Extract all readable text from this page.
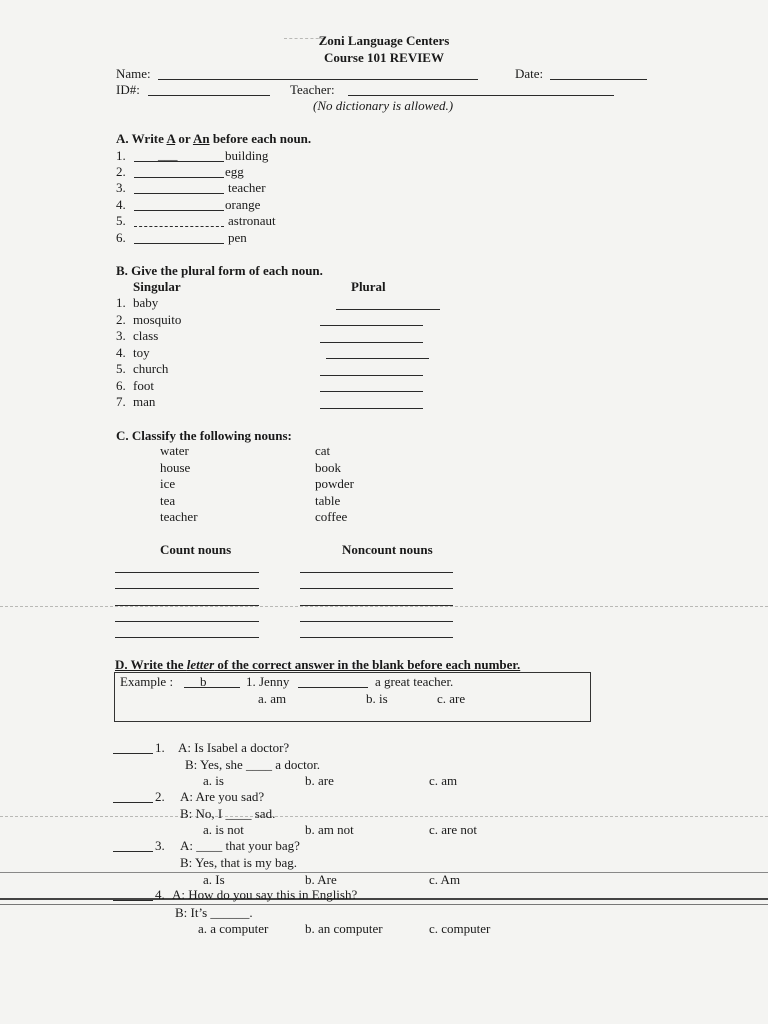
Zoni Language Centers
Course 101 REVIEW
Name:	Date:
ID#:	Teacher:
(No dictionary is allowed.)
A. Write A or An before each noun.
1. ___	building
2.	egg
3.	teacher
4.	orange
5.	astronaut
6.	pen
B. Give the plural form of each noun.
Singular	Plural
1. baby
2. mosquito
3. class
4. toy
5. church
6. foot
7. man
C. Classify the following nouns:
water
house
ice
tea
teacher
cat
book
powder
table
coffee
Count nouns	Noncount nouns
D. Write the letter of the correct answer in the blank before each number.
Example : b	1. Jenny	a great teacher.
a. am	b. is	c. are
1. A: Is Isabel a doctor?
B: Yes, she ____ a doctor.
a. is	b. are	c. am
2. A: Are you sad?
B: No, I ____ sad.
a. is not	b. am not	c. are not
3. A: ____ that your bag?
B: Yes, that is my bag.
a. Is	b. Are	c. Am
4. A: How do you say this in English?
B: It’s ______.
a. a computer	b. an computer	c. computer
